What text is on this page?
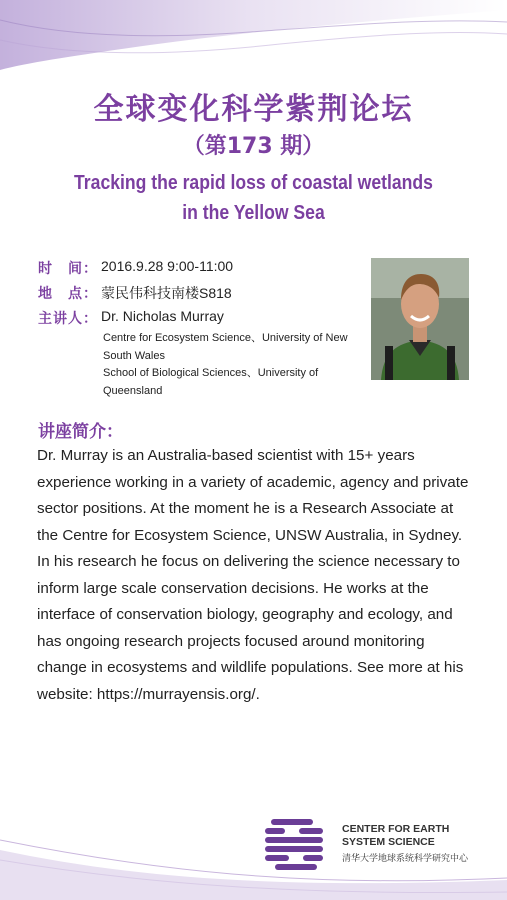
全球变化科学紫荆论坛
（第173 期）
Tracking the rapid loss of coastal wetlands
in the Yellow Sea
时　间： 2016.9.28 9:00-11:00
地　点： 蒙民伟科技南楼S818
主讲人： Dr. Nicholas Murray
Centre for Ecosystem Science、University of New South Wales
School of Biological Sciences、University of Queensland
讲座简介：
Dr. Murray is an Australia-based scientist with 15+ years experience working in a variety of academic, agency and private sector positions. At the moment he is a Research Associate at the Centre for Ecosystem Science, UNSW Australia, in Sydney. In his research he focus on delivering the science necessary to inform large scale conservation decisions. He works at the interface of conservation biology, geography and ecology, and has ongoing research projects focused around monitoring change in ecosystems and wildlife populations. See more at his website: https://murrayensis.org/.
CENTER FOR EARTH
SYSTEM SCIENCE
清华大学地球系统科学研究中心
